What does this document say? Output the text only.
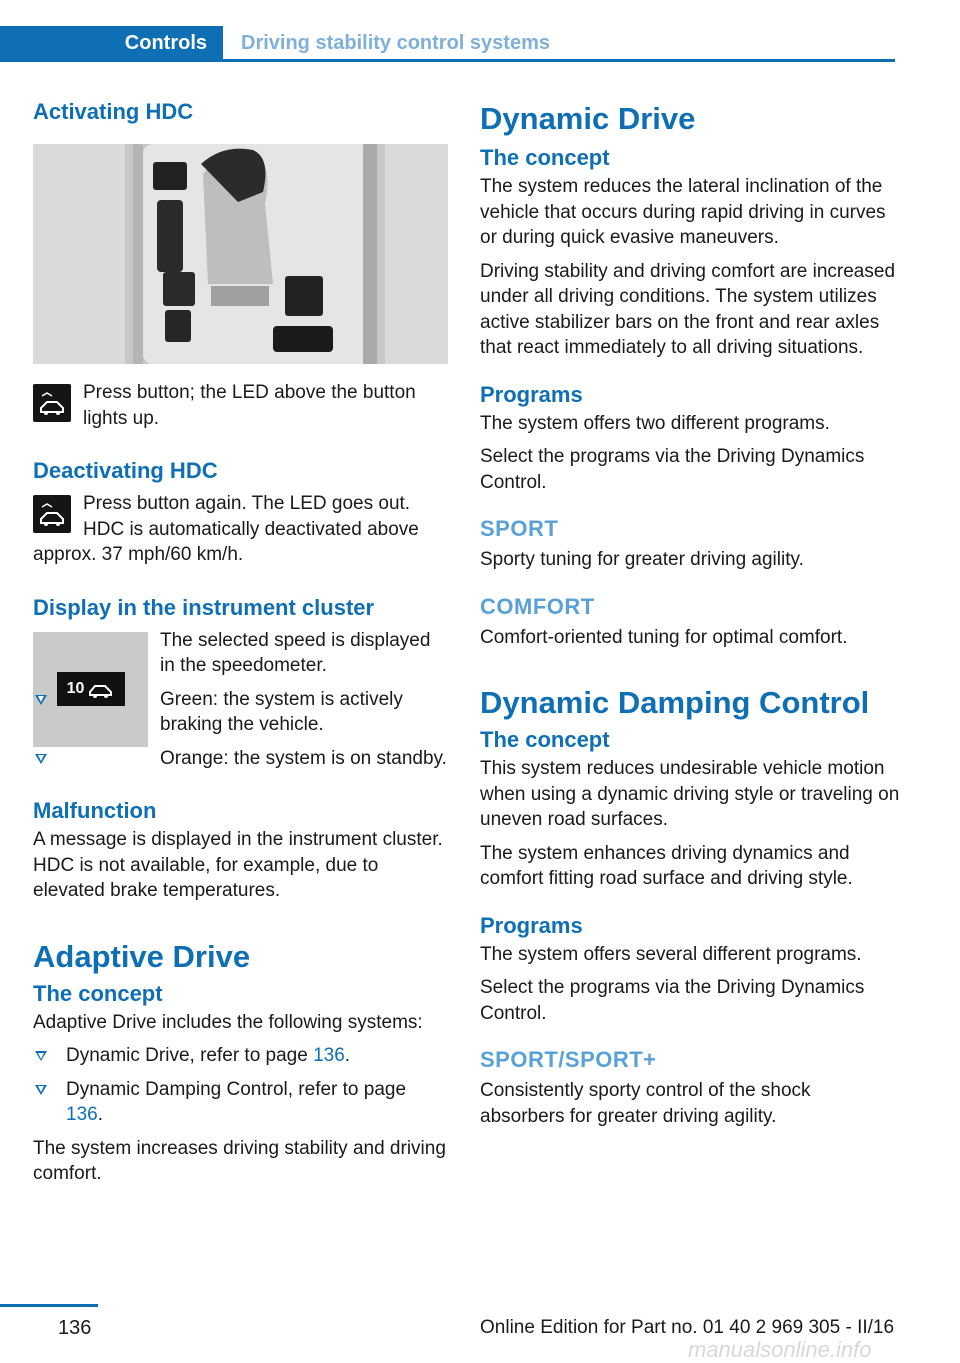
Controls Driving stability control systems
Activating HDC

Press button; the LED above the button lights up.

Deactivating HDC

Press button again. The LED goes out. HDC is automatically deactivated above approx. 37 mph/60 km/h.

Display in the instrument cluster
10

The selected speed is displayed in the speedometer.

Green: the system is actively braking the vehicle.
Orange: the system is on standby.
Malfunction

A message is displayed in the instrument cluster. HDC is not available, for example, due to elevated brake temperatures.

Adaptive Drive
The concept

Adaptive Drive includes the following systems:

Dynamic Drive, refer to page 136.
Dynamic Damping Control, refer to page 136.

The system increases driving stability and driving comfort.

Dynamic Drive
The concept

The system reduces the lateral inclination of the vehicle that occurs during rapid driving in curves or during quick evasive maneuvers.

Driving stability and driving comfort are increased under all driving conditions. The system utilizes active stabilizer bars on the front and rear axles that react immediately to all driving situations.

Programs

The system offers two different programs.

Select the programs via the Driving Dynamics Control.

SPORT

Sporty tuning for greater driving agility.

COMFORT

Comfort-oriented tuning for optimal comfort.

Dynamic Damping Control
The concept

This system reduces undesirable vehicle motion when using a dynamic driving style or traveling on uneven road surfaces.

The system enhances driving dynamics and comfort fitting road surface and driving style.

Programs

The system offers several different programs.

Select the programs via the Driving Dynamics Control.

SPORT/SPORT+

Consistently sporty control of the shock absorbers for greater driving agility.

136	Online Edition for Part no. 01 40 2 969 305 - II/16
manualsonline.info
